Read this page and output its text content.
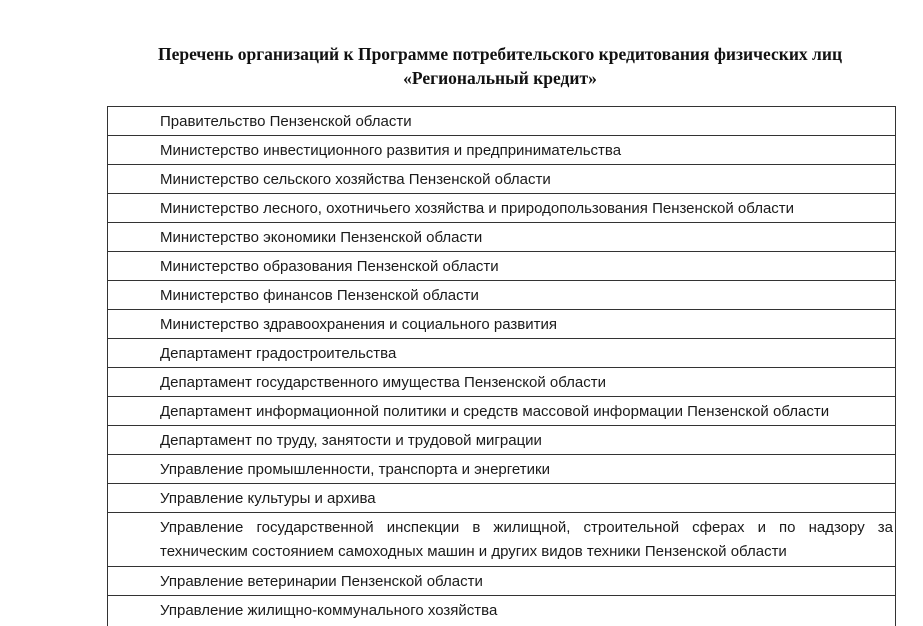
Перечень организаций к Программе потребительского кредитования физических лиц
«Региональный кредит»
Правительство Пензенской области
Министерство инвестиционного развития и предпринимательства
Министерство сельского хозяйства Пензенской области
Министерство лесного, охотничьего хозяйства и природопользования Пензенской области
Министерство экономики Пензенской области
Министерство образования Пензенской области
Министерство финансов Пензенской области
Министерство здравоохранения и социального развития
Департамент градостроительства
Департамент государственного имущества Пензенской области
Департамент информационной политики и средств массовой информации Пензенской области
Департамент по труду, занятости и трудовой миграции
Управление промышленности, транспорта и энергетики
Управление культуры и архива
Управление государственной инспекции в жилищной, строительной сферах и по надзору за техническим состоянием самоходных машин и других видов техники Пензенской области
Управление ветеринарии Пензенской области
Управление жилищно-коммунального хозяйства
